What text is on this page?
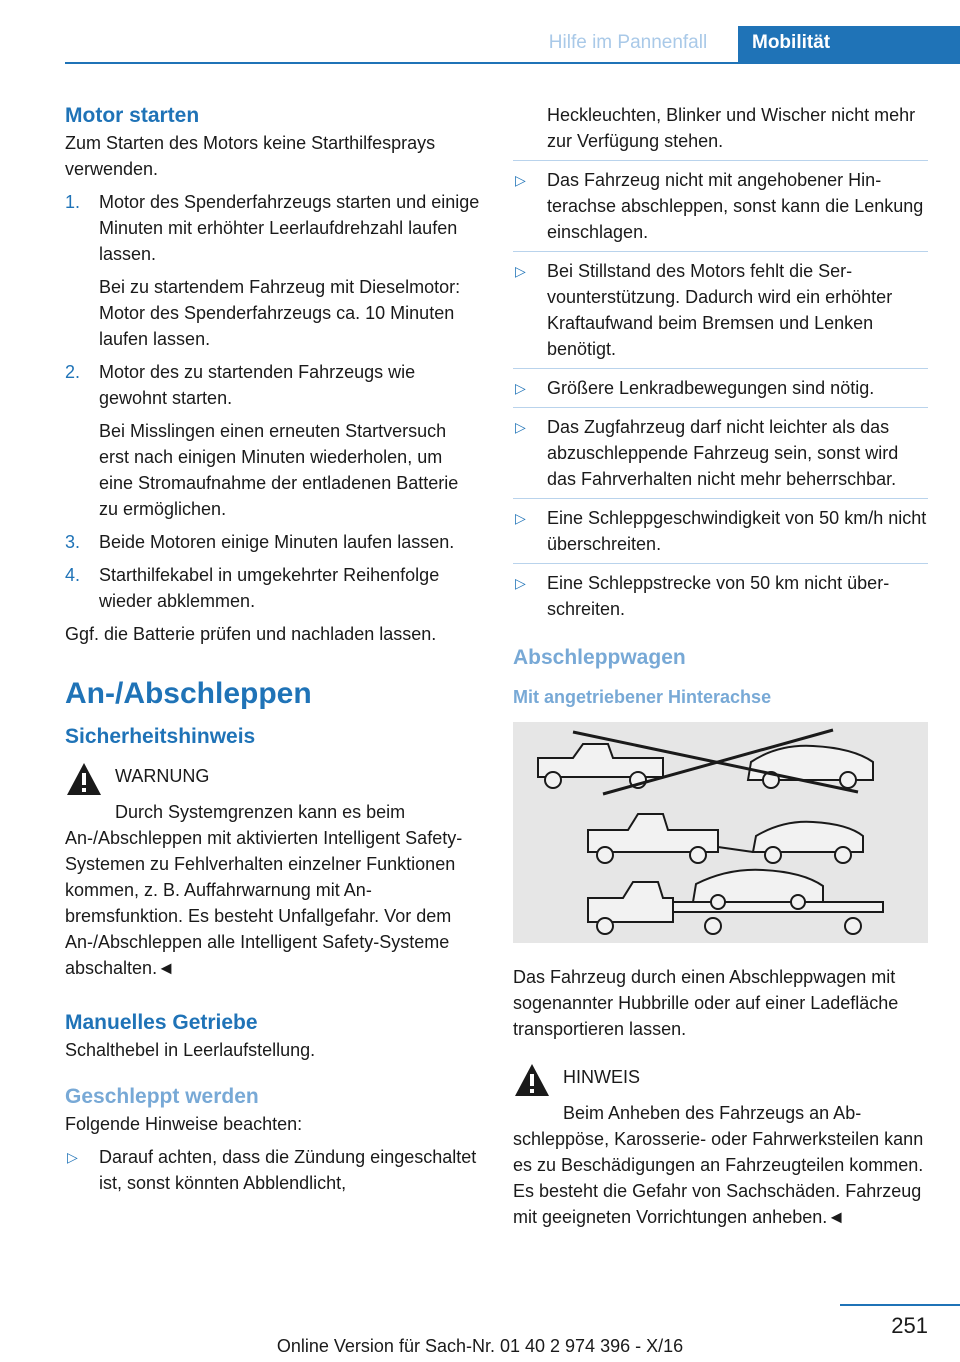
Hilfe im Pannenfall	Mobilität
Motor starten
Zum Starten des Motors keine Starthilfesprays verwenden.
1.	Motor des Spenderfahrzeugs starten und einige Minuten mit erhöhter Leerlaufdrehzahl laufen lassen.
Bei zu startendem Fahrzeug mit Dieselmotor: Motor des Spenderfahrzeugs ca. 10 Minuten laufen lassen.
2.	Motor des zu startenden Fahrzeugs wie gewohnt starten.
Bei Misslingen einen erneuten Startversuch erst nach einigen Minuten wiederholen, um eine Stromaufnahme der entladenen Batterie zu ermöglichen.
3.	Beide Motoren einige Minuten laufen lassen.
4.	Starthilfekabel in umgekehrter Reihenfolge wieder abklemmen.
Ggf. die Batterie prüfen und nachladen lassen.
An-/Abschleppen
Sicherheitshinweis
WARNUNG
Durch Systemgrenzen kann es beim An-/Abschleppen mit aktivierten Intelligent Safety-Systemen zu Fehlverhalten einzelner Funktionen kommen, z. B. Auffahrwarnung mit Anbremsfunktion. Es besteht Unfallgefahr. Vor dem An-/Abschleppen alle Intelligent Safety-Systeme abschalten.◄
Manuelles Getriebe
Schalthebel in Leerlaufstellung.
Geschleppt werden
Folgende Hinweise beachten:
▷	Darauf achten, dass die Zündung eingeschaltet ist, sonst könnten Abblendlicht,
Heckleuchten, Blinker und Wischer nicht mehr zur Verfügung stehen.
▷	Das Fahrzeug nicht mit angehobener Hinterachse abschleppen, sonst kann die Lenkung einschlagen.
▷	Bei Stillstand des Motors fehlt die Servounterstützung. Dadurch wird ein erhöhter Kraftaufwand beim Bremsen und Lenken benötigt.
▷	Größere Lenkradbewegungen sind nötig.
▷	Das Zugfahrzeug darf nicht leichter als das abzuschleppende Fahrzeug sein, sonst wird das Fahrverhalten nicht mehr beherrschbar.
▷	Eine Schleppgeschwindigkeit von 50 km/h nicht überschreiten.
▷	Eine Schleppstrecke von 50 km nicht überschreiten.
Abschleppwagen
Mit angetriebener Hinterachse
Das Fahrzeug durch einen Abschleppwagen mit sogenannter Hubbrille oder auf einer Ladefläche transportieren lassen.
HINWEIS
Beim Anheben des Fahrzeugs an Abschleppöse, Karosserie- oder Fahrwerksteilen kann es zu Beschädigungen an Fahrzeugteilen kommen. Es besteht die Gefahr von Sachschäden. Fahrzeug mit geeigneten Vorrichtungen anheben.◄
251
Online Version für Sach-Nr. 01 40 2 974 396 - X/16
